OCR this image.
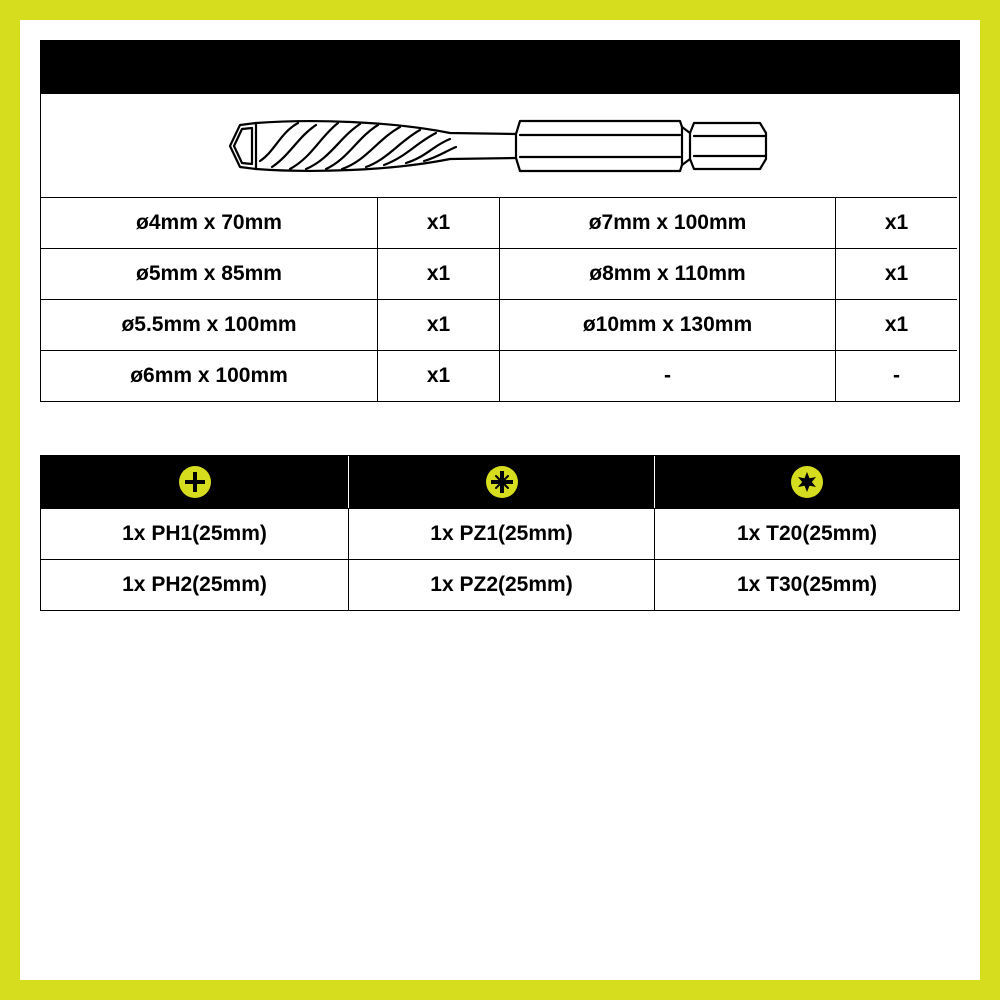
ø4mm x 70mm	x1	ø7mm x 100mm	x1
ø5mm x 85mm	x1	ø8mm x 110mm	x1
ø5.5mm x 100mm	x1	ø10mm x 130mm	x1
ø6mm x 100mm	x1	-	-
1x PH1(25mm)	1x PZ1(25mm)	1x T20(25mm)
1x PH2(25mm)	1x PZ2(25mm)	1x T30(25mm)
